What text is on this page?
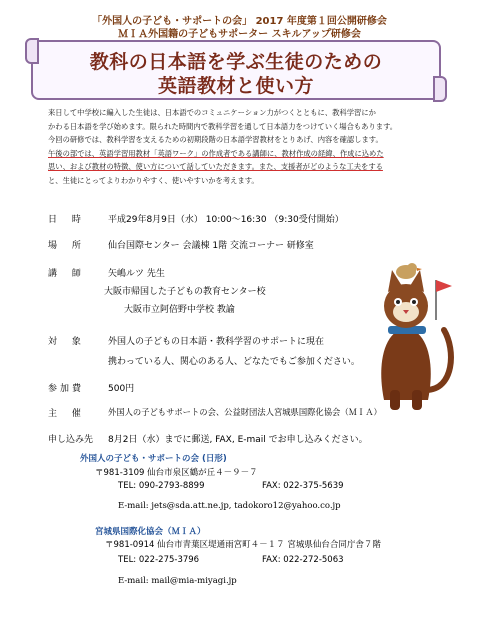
「外国人の子ども・サポートの会」 2017 年度第１回公開研修会
ＭＩＡ外国籍の子どもサポーター スキルアップ研修会
教科の日本語を学ぶ生徒のための
英語教材と使い方

来日して中学校に編入した生徒は、日本語でのコミュニケーション力がつくとともに、教科学習にか

かわる日本語を学び始めます。限られた時間内で教科学習を通して日本語力をつけていく場合もあります。

今回の研修では、教科学習を支えるための初期段階の日本語学習教材をとりあげ、内容を確認します。

午後の部では、英語学習用教材「英語ワーク」の作成者である講師に、教材作成の経緯、作成に込めた

思い、および教材の特徴、使い方について話していただきます。また、支援者がどのような工夫をする

と、生徒にとってよりわかりやすく、使いやすいかを考えます。

日 時 平成29年8月9日（水） 10:00～16:30 （9:30受付開始）
場 所 仙台国際センター 会議棟 1階 交流コーナー 研修室
講 師 矢嶋ルツ 先生
大阪市帰国した子どもの教育センター校
大阪市立阿倍野中学校 教諭
対 象 外国人の子どもの日本語・教科学習のサポートに現在
携わっている人、関心のある人、どなたでもご参加ください。
参加費	500円
主 催	外国人の子どもサポートの会、公益財団法人宮城県国際化協会（ＭＩＡ）
申し込み先 8月2日（水）までに郵送, FAX, E-mail でお申し込みください。
外国人の子ども・サポートの会 (日形)
〒981-3109 仙台市泉区鶴が丘４－９－７
TEL: 090-2793-8899	FAX: 022-375-5639
E-mail: jets@sda.att.ne.jp, tadokoro12@yahoo.co.jp
宮城県国際化協会（ＭＩＡ）
〒981-0914 仙台市青葉区堤通雨宮町４－１７ 宮城県仙台合同庁舎７階
TEL: 022-275-3796	FAX: 022-272-5063
E-mail: mail@mia-miyagi.jp
